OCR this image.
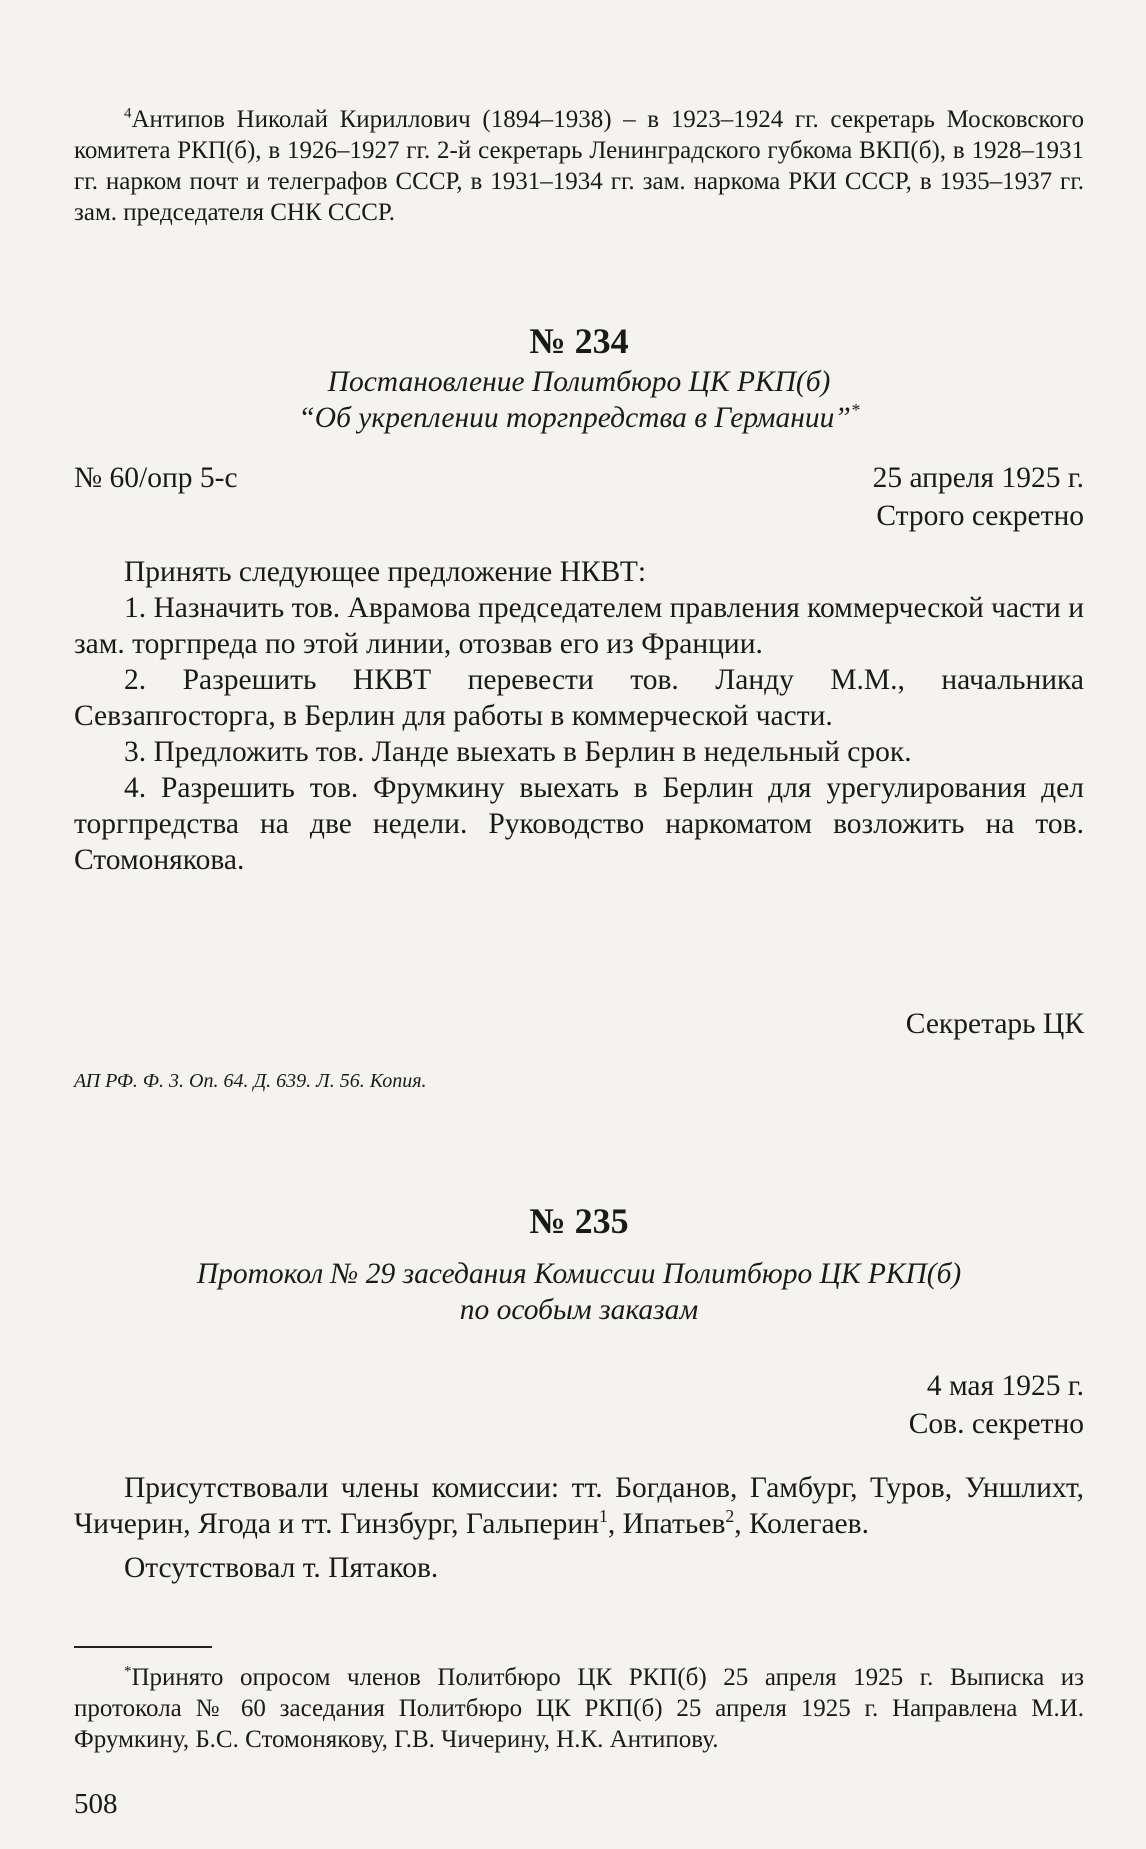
$^4$Антипов Николай Кириллович (1894–1938) – в 1923–1924 гг. секретарь Московского комитета РКП(б), в 1926–1927 гг. 2-й секретарь Ленинградского губкома ВКП(б), в 1928–1931 гг. нарком почт и телеграфов СССР, в 1931–1934 гг. зам. наркома РКИ СССР, в 1935–1937 гг. зам. председателя СНК СССР.

№ 234
Постановление Политбюро ЦК РКП(б)
“Об укреплении торгпредства в Германии”*
№ 60/опр 5-с	25 апреля 1925 г.
Строго секретно

Принять следующее предложение НКВТ:

1. Назначить тов. Аврамова председателем правления коммерческой части и зам. торгпреда по этой линии, отозвав его из Франции.

2. Разрешить НКВТ перевести тов. Ланду М.М., начальника Севзапгосторга, в Берлин для работы в коммерческой части.

3. Предложить тов. Ланде выехать в Берлин в недельный срок.

4. Разрешить тов. Фрумкину выехать в Берлин для урегулирования дел торгпредства на две недели. Руководство наркоматом возложить на тов. Стомонякова.

Секретарь ЦК
АП РФ. Ф. 3. Оп. 64. Д. 639. Л. 56. Копия.
№ 235
Протокол № 29 заседания Комиссии Политбюро ЦК РКП(б)
по особым заказам
4 мая 1925 г.
Сов. секретно

Присутствовали члены комиссии: тт. Богданов, Гамбург, Туров, Уншлихт, Чичерин, Ягода и тт. Гинзбург, Гальперин$^1$, Ипатьев$^2$, Колегаев.

Отсутствовал т. Пятаков.

*Принято опросом членов Политбюро ЦК РКП(б) 25 апреля 1925 г. Выписка из протокола № 60 заседания Политбюро ЦК РКП(б) 25 апреля 1925 г. Направлена М.И. Фрумкину, Б.С. Стомонякову, Г.В. Чичерину, Н.К. Антипову.

508
